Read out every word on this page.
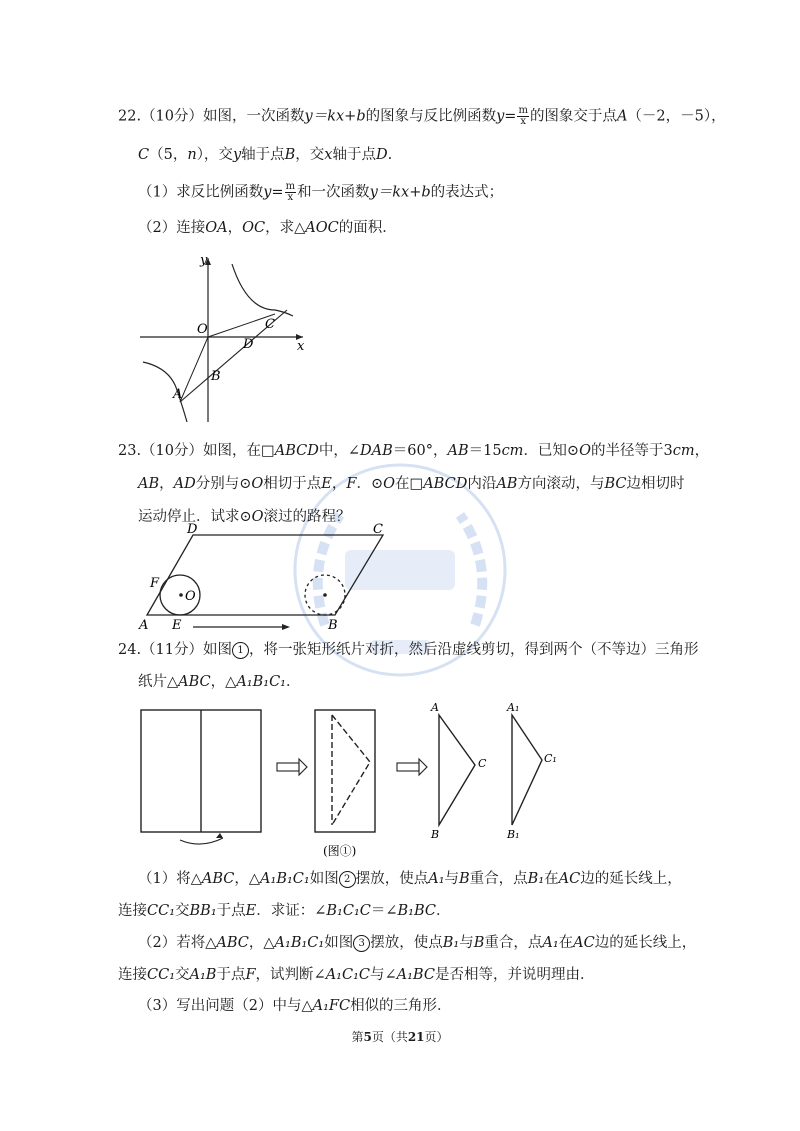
22.（10分）如图，一次函数y＝kx+b的图象与反比例函数$y= \frac{m}{x}$ 的图象交于点A（－2，－5），
C（5，n），交y轴于点B，交x轴于点D.
（1）求反比例函数$y= \frac{m}{x}$ 和一次函数y＝kx+b的表达式；
（2）连接OA，OC，求△AOC的面积．
y
x
O	C
D
B
A
23.（10分）如图，在□ABCD中，∠DAB＝60°，AB＝15cm．已知⊙O的半径等于3cm，
AB，AD分别与⊙O相切于点E，F．⊙O在□ABCD内沿AB方向滚动，与BC边相切时
运动停止．试求⊙O滚过的路程？
D	C
F
O
A E	B
24.（11分）如图 1 ，将一张矩形纸片对折，然后沿虚线剪切，得到两个（不等边）三角形
纸片△ABC，△A₁B₁C₁．
A
B
C
A₁
B₁
C₁
(图①)
（1）将△ABC，△A₁B₁C₁如图 2 摆放，使点A₁与B重合，点B₁在AC边的延长线上，
连接CC₁交BB₁于点E．求证：∠B₁C₁C＝∠B₁BC．
（2）若将△ABC，△A₁B₁C₁如图 3 摆放，使点B₁与B重合，点A₁在AC边的延长线上，
连接CC₁交A₁B于点F，试判断∠A₁C₁C与∠A₁BC是否相等，并说明理由．
（3）写出问题（2）中与△A₁FC相似的三角形．
第5页（共21页）
